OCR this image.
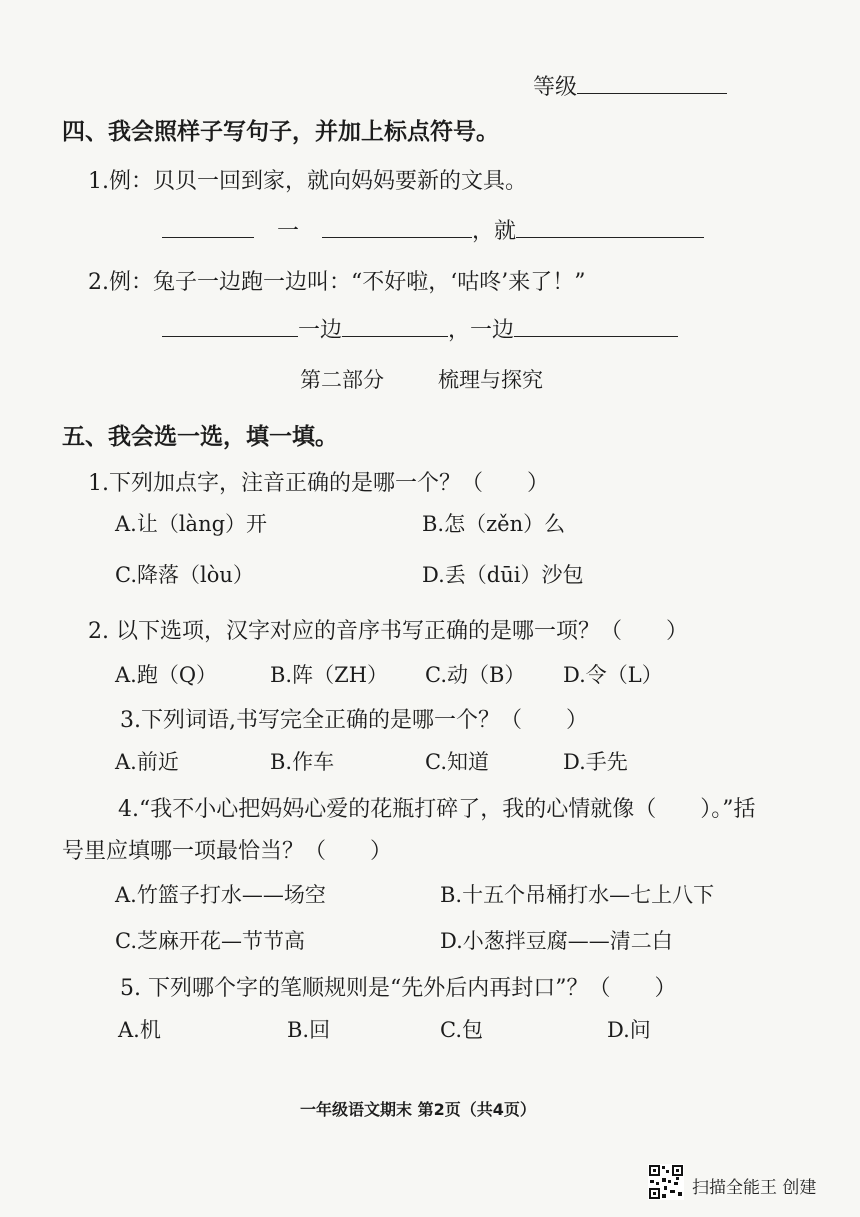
等级
四、我会照样子写句子，并加上标点符号。
1.例：贝贝一回到家，就向妈妈要新的文具。
一	，就
2.例：兔子一边跑一边叫：“不好啦，‘咕咚’来了！”
一边	，一边
第二部分	梳理与探究
五、我会选一选，填一填。
1.下列加点字，注音正确的是哪一个？（　　）
A.让（làng）开	B.怎（zěn）么
C.降落（lòu）	D.丢（dūi）沙包
2. 以下选项，汉字对应的音序书写正确的是哪一项？（　　）
A.跑（Q）	B.阵（ZH） C.动（B） D.令（L）
3.下列词语,书写完全正确的是哪一个？（　　）
A.前近	B.作车	C.知道	D.手先
4.“我不小心把妈妈心爱的花瓶打碎了，我的心情就像（　　）。”括
号里应填哪一项最恰当？（　　）
A.竹篮子打水——场空	B.十五个吊桶打水—七上八下
C.芝麻开花—节节高	D.小葱拌豆腐——清二白
5. 下列哪个字的笔顺规则是“先外后内再封口”？（　　）
A.机	B.回	C.包	D.问
一年级语文期末 第2页（共4页）
扫描全能王 创建
